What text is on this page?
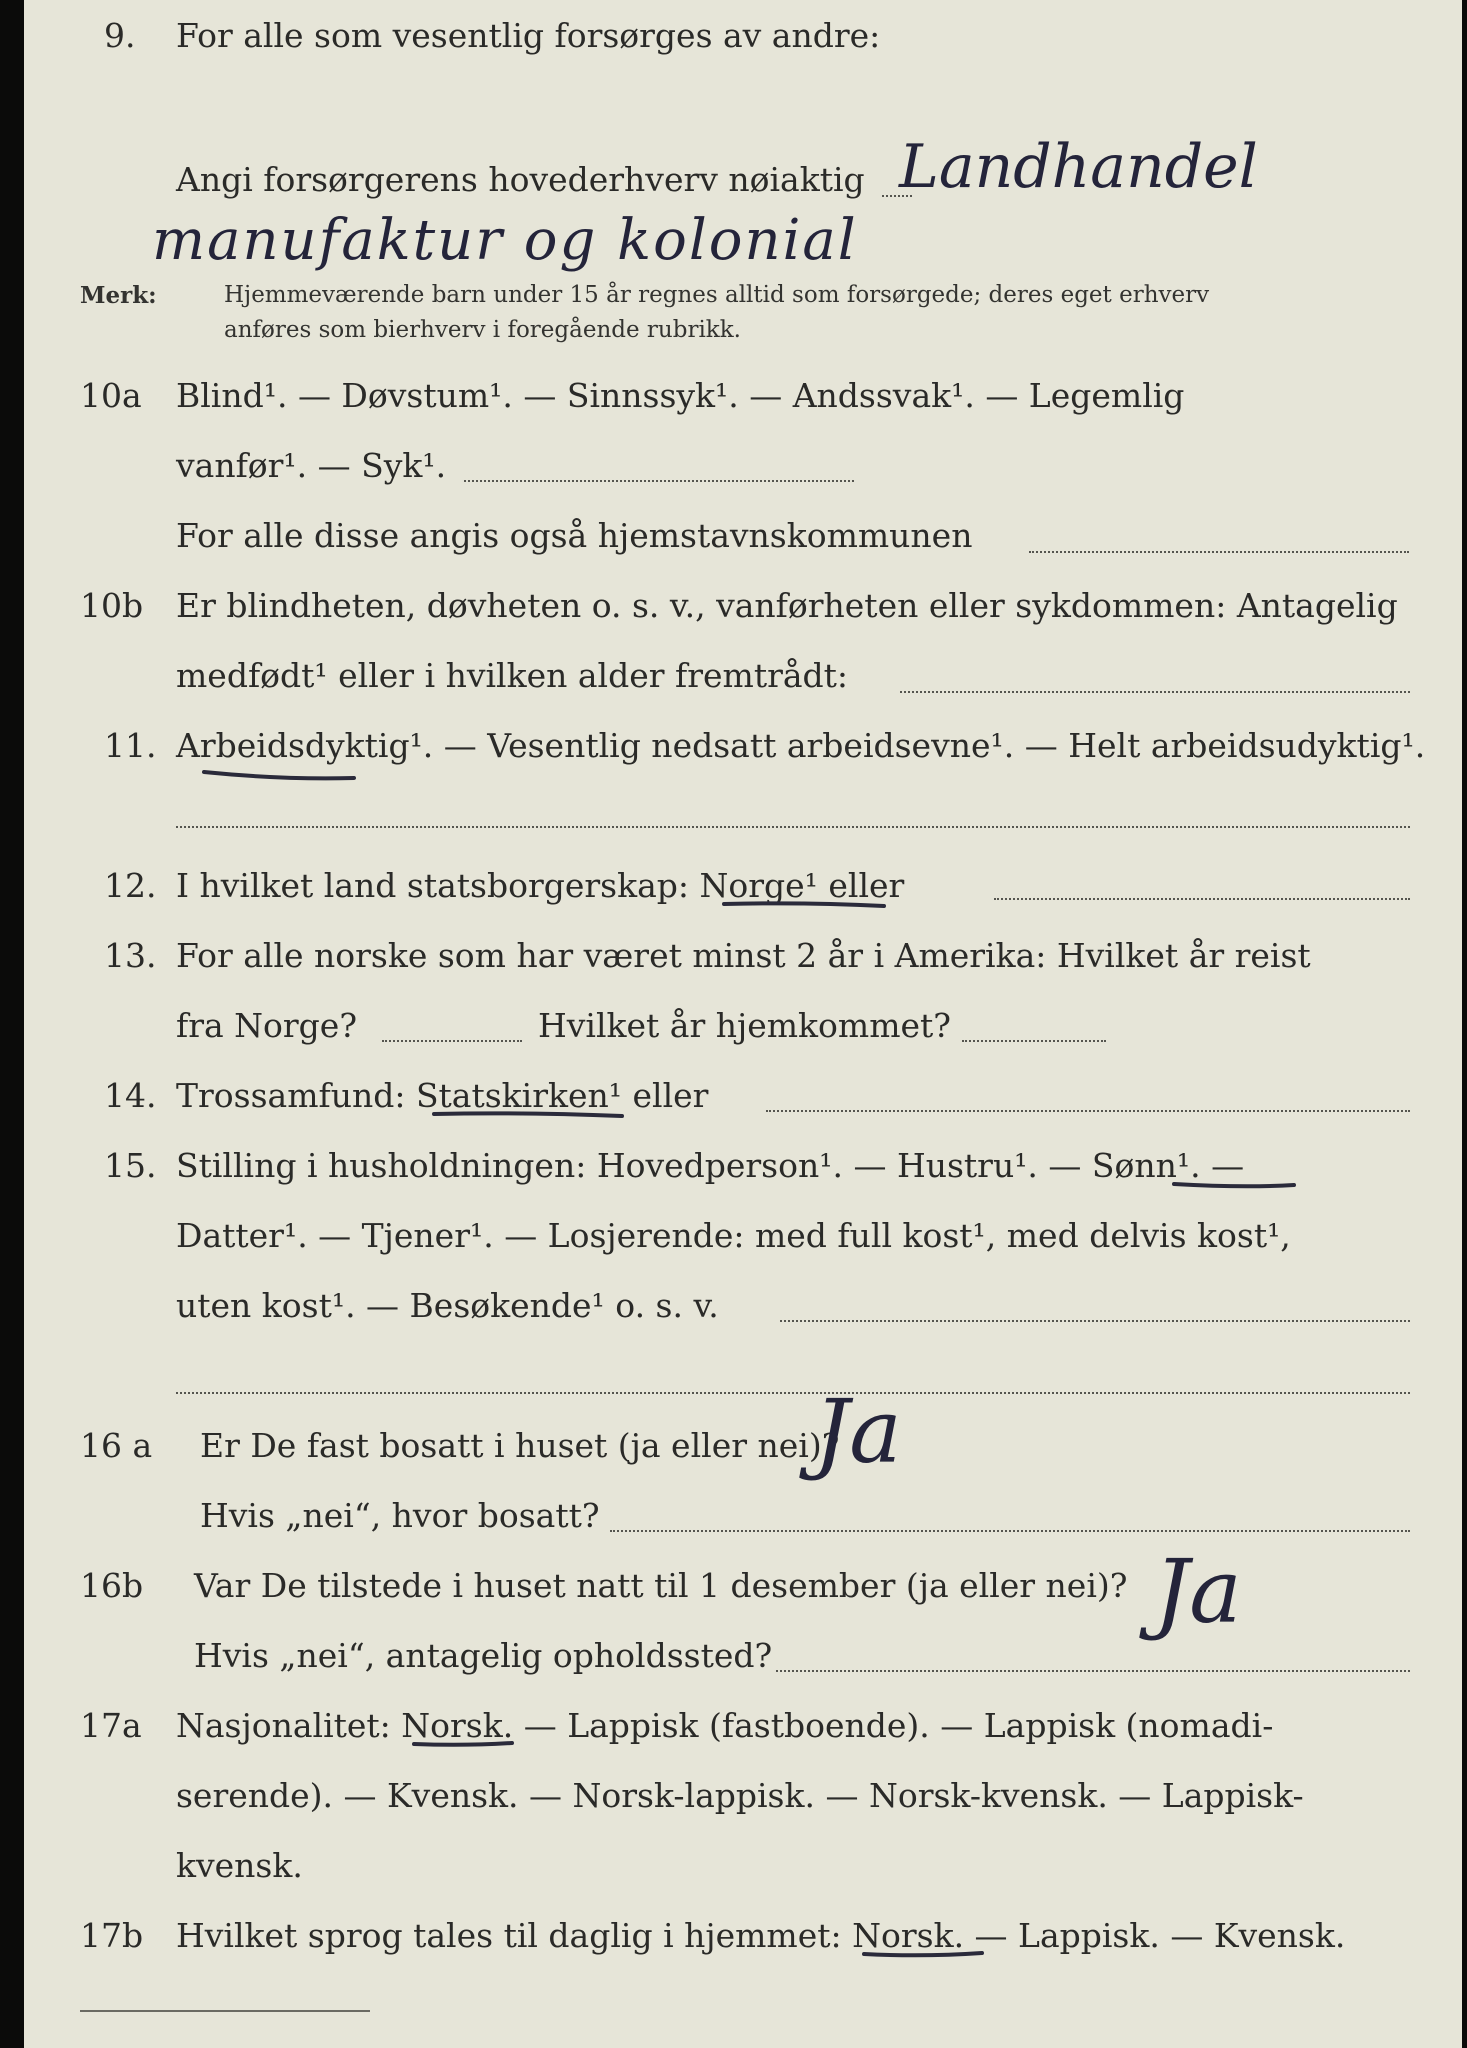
9. For alle som vesentlig forsørges av andre:
Angi forsørgerens hovederhverv nøiaktig Landhandel
manufaktur og kolonial
Merk:	Hjemmeværende barn under 15 år regnes alltid som forsørgede; deres eget erhverv
anføres som bierhverv i foregående rubrikk.
10a Blind¹. — Døvstum¹. — Sinnssyk¹. — Andssvak¹. — Legemlig
vanfør¹. — Syk¹.
For alle disse angis også hjemstavnskommunen
10b Er blindheten, døvheten o. s. v., vanførheten eller sykdommen: Antagelig
medfødt¹ eller i hvilken alder fremtrådt:
11. Arbeidsdyktig¹. — Vesentlig nedsatt arbeidsevne¹. — Helt arbeidsudyktig¹.
12. I hvilket land statsborgerskap: Norge¹ eller
13. For alle norske som har været minst 2 år i Amerika: Hvilket år reist
fra Norge?	Hvilket år hjemkommet?
14. Trossamfund: Statskirken¹ eller
15. Stilling i husholdningen: Hovedperson¹. — Hustru¹. — Sønn¹. —
Datter¹. — Tjener¹. — Losjerende: med full kost¹, med delvis kost¹,
uten kost¹. — Besøkende¹ o. s. v.
16 a Er De fast bosatt i huset (ja eller nei)?
Hvis „nei“, hvor bosatt?
Ja
16b Var De tilstede i huset natt til 1 desember (ja eller nei)?
Hvis „nei“, antagelig opholdssted?
Ja
17a Nasjonalitet: Norsk. — Lappisk (fastboende). — Lappisk (nomadi-
serende). — Kvensk. — Norsk-lappisk. — Norsk-kvensk. — Lappisk-
kvensk.
17b Hvilket sprog tales til daglig i hjemmet: Norsk. — Lappisk. — Kvensk.
